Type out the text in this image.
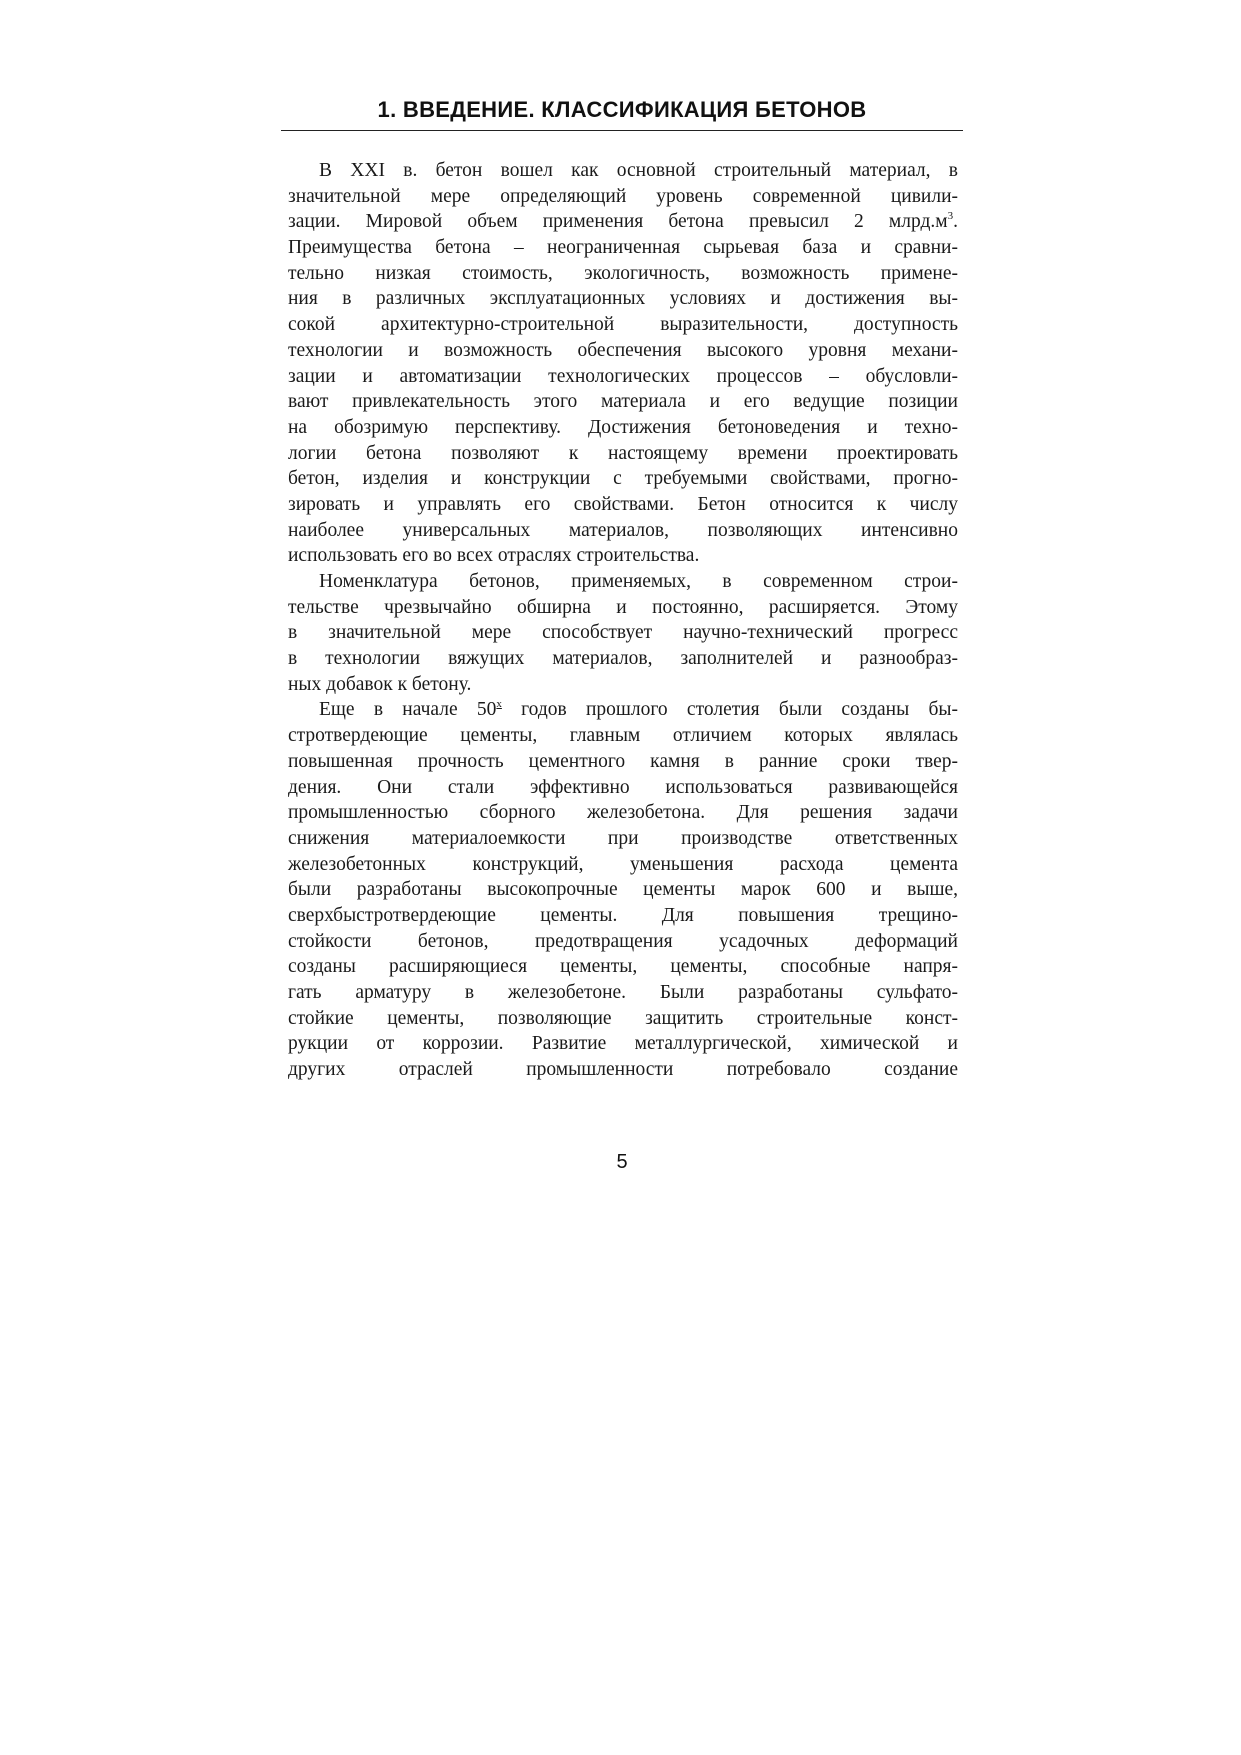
1. ВВЕДЕНИЕ. КЛАССИФИКАЦИЯ БЕТОНОВ
В XXI в. бетон вошел как основной строительный материал, в
значительной мере определяющий уровень современной цивили-
зации. Мировой объем применения бетона превысил 2 $млрд.м^3$.
Преимущества бетона – неограниченная сырьевая база и сравни-
тельно низкая стоимость, экологичность, возможность применe-
ния в различных эксплуатационных условиях и достижения вы-
сокой архитектурно-строительной выразительности, доступность
технологии и возможность обеспечения высокого уровня механи-
зации и автоматизации технологических процессов – обусловли-
вают привлекательность этого материала и его ведущие позиции
на обозримую перспективу. Достижения бетоноведения и техно-
логии бетона позволяют к настоящему времени проектировать
бетон, изделия и конструкции с требуемыми свойствами, прогно-
зировать и управлять его свойствами. Бетон относится к числу
наиболее универсальных материалов, позволяющих интенсивно
использовать его во всех отраслях строительства.
Номенклатура бетонов, применяемых, в современном строи-
тельстве чрезвычайно обширна и постоянно, расширяется. Этому
в значительной мере способствует научно-технический прогресс
в технологии вяжущих материалов, заполнителей и разнообраз-
ных добавок к бетону.
Еще в начале 50$^x$ годов прошлого столетия были созданы бы-
стротвердеющие цементы, главным отличием которых являлась
повышенная прочность цементного камня в ранние сроки твер-
дения. Они стали эффективно использоваться развивающейся
промышленностью сборного железобетона. Для решения задачи
снижения материалоемкости при производстве ответственных
железобетонных конструкций, уменьшения расхода цемента
были разработаны высокопрочные цементы марок 600 и выше,
сверхбыстротвердеющие цементы. Для повышения трещино-
стойкости бетонов, предотвращения усадочных деформаций
созданы расширяющиеся цементы, цементы, способные напря-
гать арматуру в железобетоне. Были разработаны сульфато-
стойкие цементы, позволяющие защитить строительные конст-
рукции от коррозии. Развитие металлургической, химической и
других отраслей промышленности потребовало создание
5
